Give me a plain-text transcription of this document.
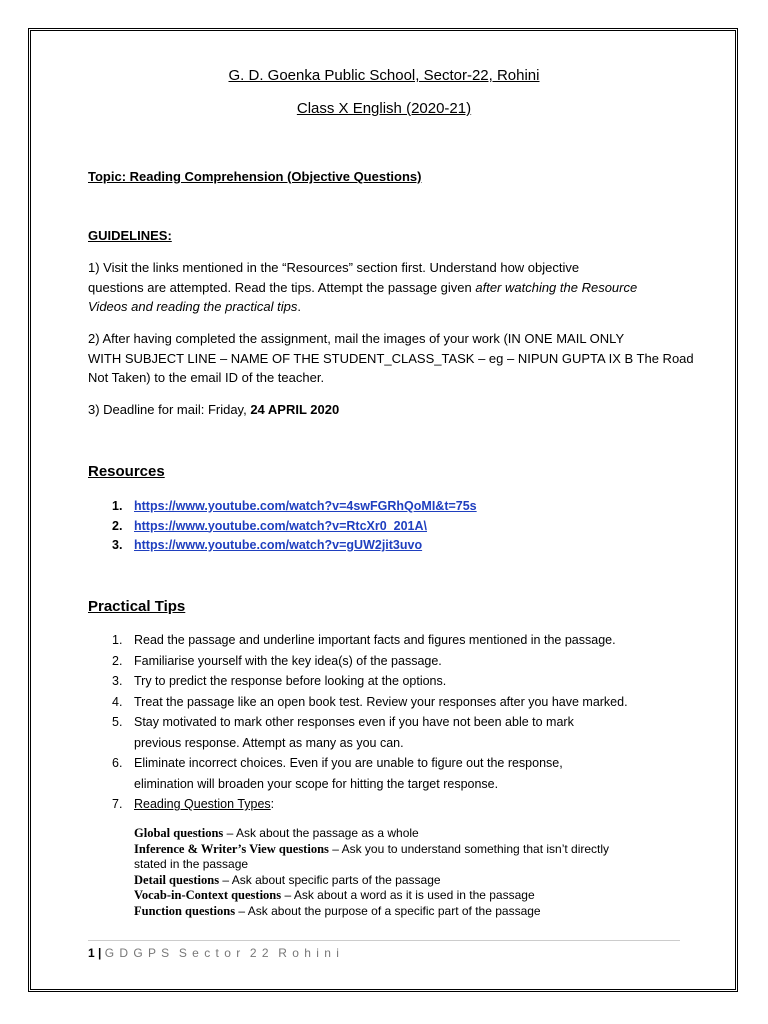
G. D. Goenka Public School, Sector-22, Rohini
Class X English (2020-21)
Topic: Reading Comprehension (Objective Questions)
GUIDELINES:
1) Visit the links mentioned in the “Resources” section first. Understand how objective
questions are attempted. Read the tips. Attempt the passage given after watching the Resource
Videos and reading the practical tips.
2) After having completed the assignment, mail the images of your work (IN ONE MAIL ONLY
WITH SUBJECT LINE – NAME OF THE STUDENT_CLASS_TASK – eg – NIPUN GUPTA IX B The Road
Not Taken) to the email ID of the teacher.
3) Deadline for mail: Friday, 24 APRIL 2020
Resources
1. https://www.youtube.com/watch?v=4swFGRhQoMI&t=75s
2. https://www.youtube.com/watch?v=RtcXr0_201A\
3. https://www.youtube.com/watch?v=gUW2jit3uvo
Practical Tips
1. Read the passage and underline important facts and figures mentioned in the passage.
2. Familiarise yourself with the key idea(s) of the passage.
3. Try to predict the response before looking at the options.
4. Treat the passage like an open book test. Review your responses after you have marked.
5. Stay motivated to mark other responses even if you have not been able to mark
previous response. Attempt as many as you can.
6. Eliminate incorrect choices. Even if you are unable to figure out the response,
elimination will broaden your scope for hitting the target response.
7. Reading Question Types:
Global questions – Ask about the passage as a whole
Inference & Writer’s View questions – Ask you to understand something that isn’t directly
stated in the passage
Detail questions – Ask about specific parts of the passage
Vocab-in-Context questions – Ask about a word as it is used in the passage
Function questions – Ask about the purpose of a specific part of the passage
1 | G D G P S  S e c t o r  2 2  R o h i n i
